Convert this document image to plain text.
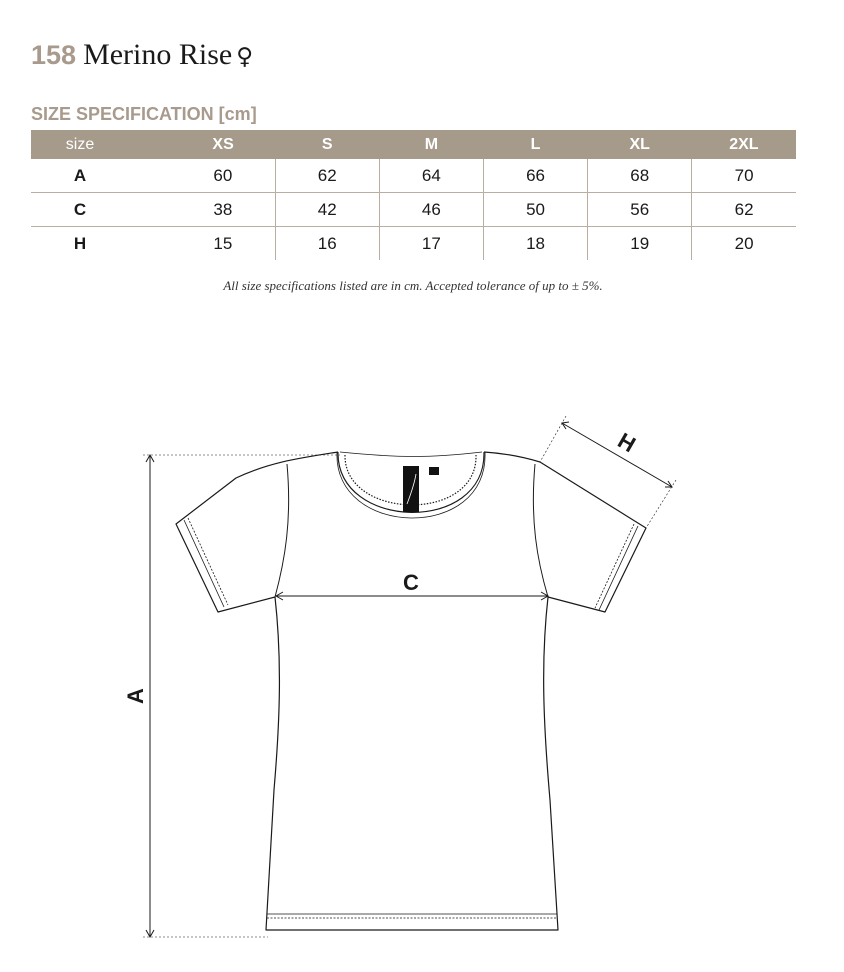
158 Merino Rise ♀
SIZE SPECIFICATION [cm]
size	XS	S	M	L	XL	2XL
A	60	62	64	66	68	70
C	38	42	46	50	56	62
H	15	16	17	18	19	20
All size specifications listed are in cm. Accepted tolerance of up to ± 5%.
A
C
H
